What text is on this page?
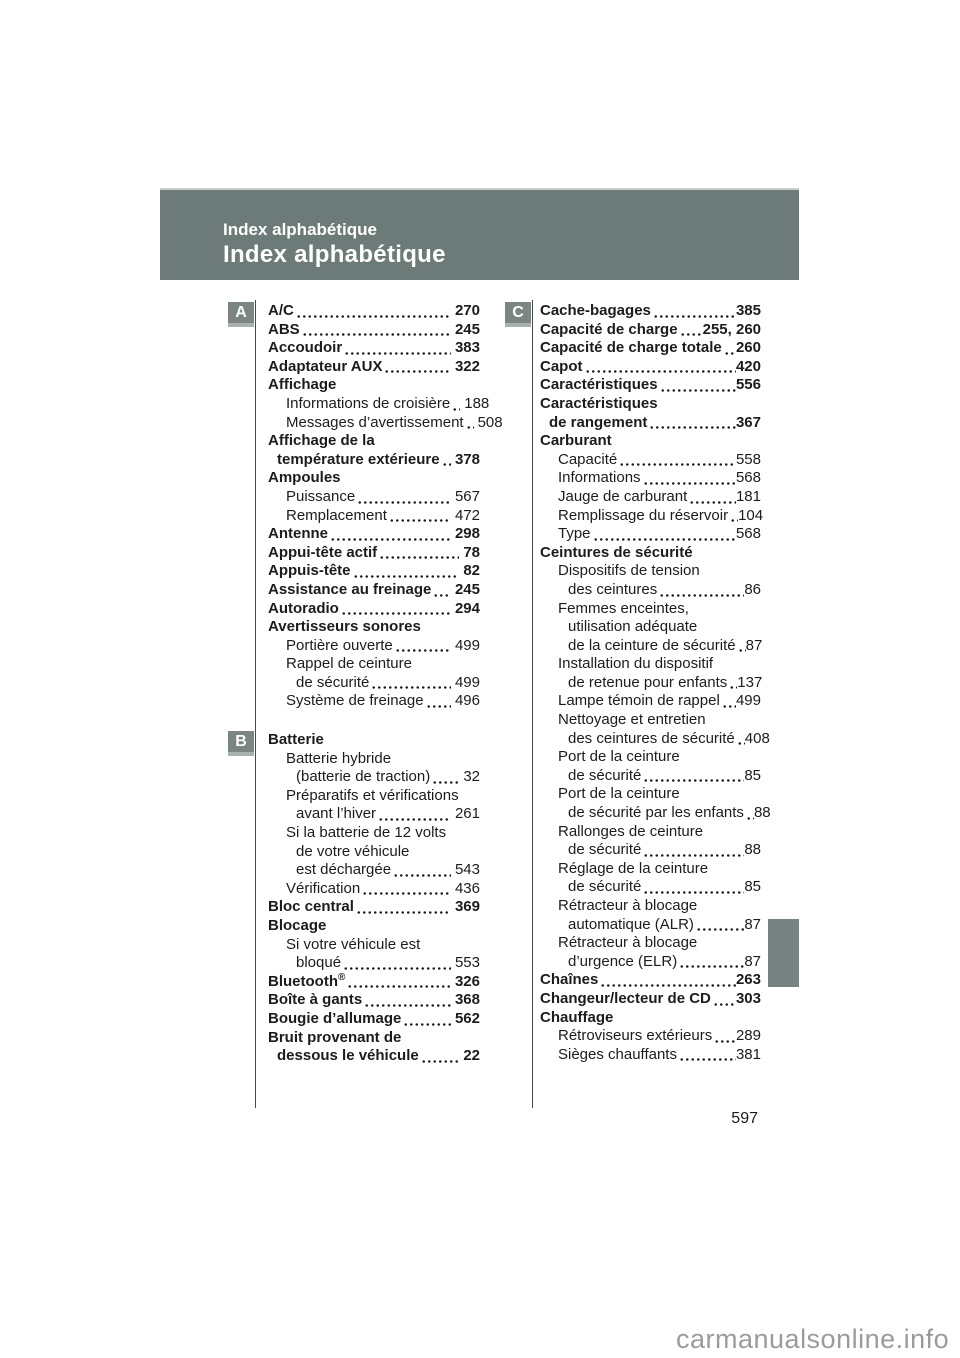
Index alphabétique
Index alphabétique
A	A/C	270
ABS	245
Accoudoir	383
Adaptateur AUX	322
Affichage
Informations de croisière 188
Messages d’avertissement 508
Affichage de la
température extérieure 378
Ampoules
Puissance	567
Remplacement	472
Antenne	298
Appui-tête actif	78
Appuis-tête	82
Assistance au freinage 245
Autoradio	294
Avertisseurs sonores
Portière ouverte	499
Rappel de ceinture
de sécurité	499
Système de freinage 496
B	Batterie
Batterie hybride
(batterie de traction) 32
Préparatifs et vérifications
avant l’hiver	261
Si la batterie de 12 volts
de votre véhicule
est déchargée	543
Vérification	436
Bloc central	369
Blocage
Si votre véhicule est
bloqué	553
Bluetooth®	326
Boîte à gants	368
Bougie d’allumage	562
Bruit provenant de
dessous le véhicule	22
C	Cache-bagages	385
Capacité de charge 255, 260
Capacité de charge totale 260
Capot	420
Caractéristiques	556
Caractéristiques
de rangement	367
Carburant
Capacité	558
Informations	568
Jauge de carburant	181
Remplissage du réservoir 104
Type	568
Ceintures de sécurité
Dispositifs de tension
des ceintures	86
Femmes enceintes,
utilisation adéquate
de la ceinture de sécurité 87
Installation du dispositif
de retenue pour enfants 137
Lampe témoin de rappel 499
Nettoyage et entretien
des ceintures de sécurité 408
Port de la ceinture
de sécurité	85
Port de la ceinture
de sécurité par les enfants 88
Rallonges de ceinture
de sécurité	88
Réglage de la ceinture
de sécurité	85
Rétracteur à blocage
automatique (ALR)	87
Rétracteur à blocage
d’urgence (ELR)	87
Chaînes	263
Changeur/lecteur de CD 303
Chauffage
Rétroviseurs extérieurs 289
Sièges chauffants	381
597
carmanualsonline.info
